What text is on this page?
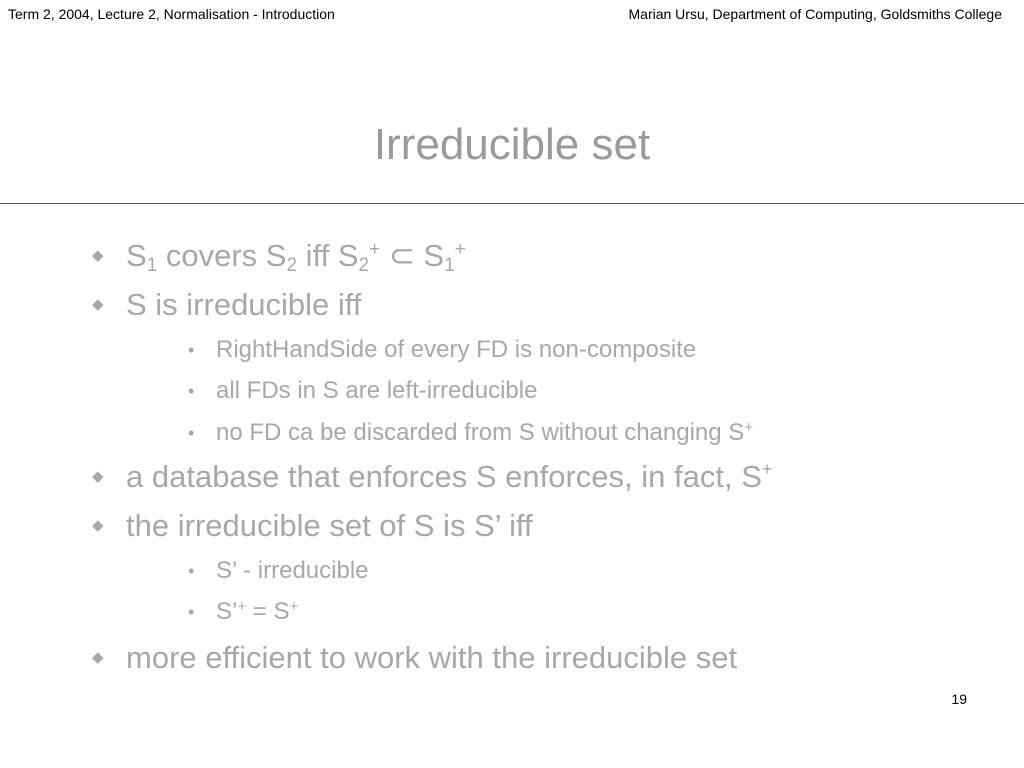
Term 2, 2004, Lecture 2, Normalisation - Introduction	Marian Ursu, Department of Computing, Goldsmiths College
Irreducible set
◆ $S_1$ covers $S_2$ iff $S_2^+$ ⊂ $S_1^+$
◆ S is irreducible iff
• RightHandSide of every FD is non-composite
• all FDs in S are left-irreducible
• no FD ca be discarded from S without changing S+
◆ a database that enforces S enforces, in fact, S+
◆ the irreducible set of S is S’ iff
• S’ - irreducible
• S’+ = S+
◆ more efficient to work with the irreducible set
19
